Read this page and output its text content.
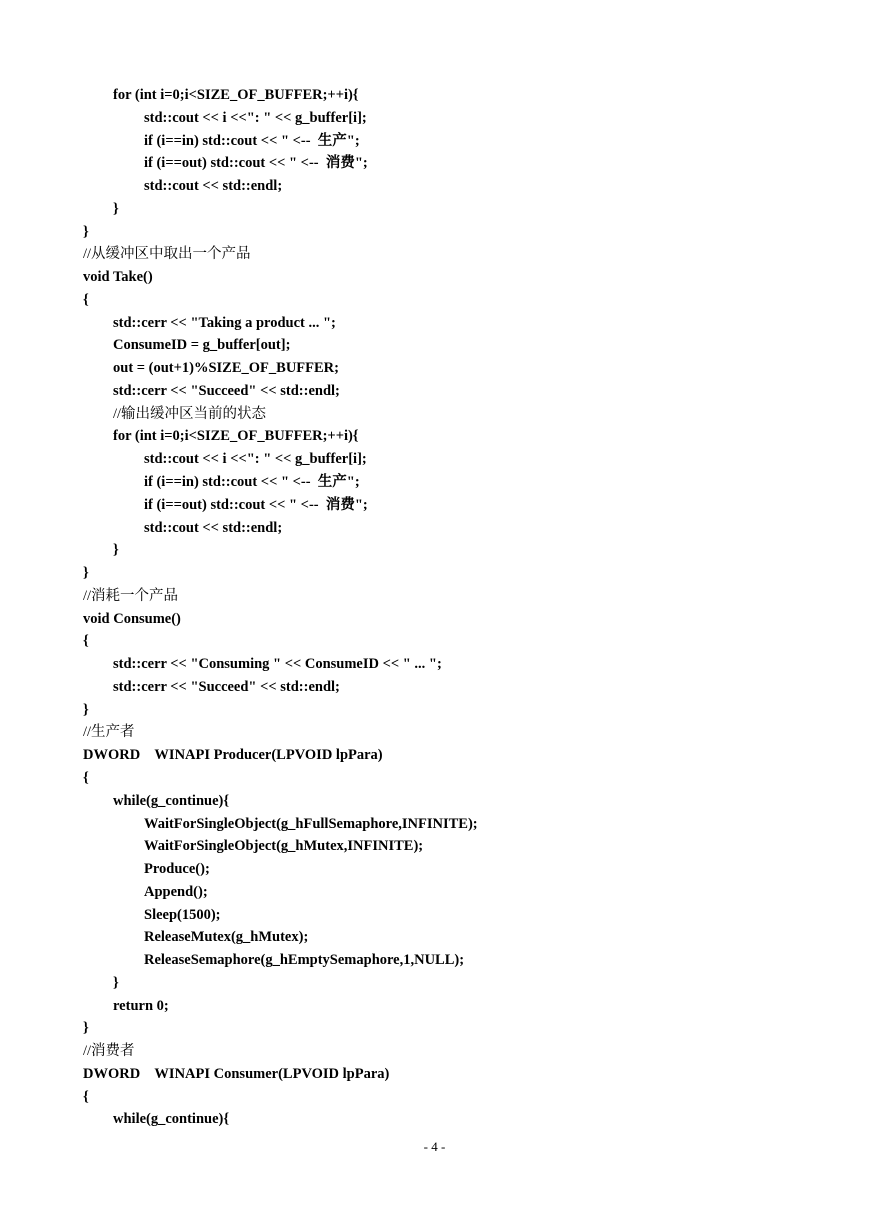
for (int i=0;i<SIZE_OF_BUFFER;++i){
std::cout << i <<": " << g_buffer[i];
if (i==in) std::cout << " <--  生产";
if (i==out) std::cout << " <--  消费";
std::cout << std::endl;
}
}
//从缓冲区中取出一个产品
void Take()
{
std::cerr << "Taking a product ... ";
ConsumeID = g_buffer[out];
out = (out+1)%SIZE_OF_BUFFER;
std::cerr << "Succeed" << std::endl;
//输出缓冲区当前的状态
for (int i=0;i<SIZE_OF_BUFFER;++i){
std::cout << i <<": " << g_buffer[i];
if (i==in) std::cout << " <--  生产";
if (i==out) std::cout << " <--  消费";
std::cout << std::endl;
}
}
//消耗一个产品
void Consume()
{
std::cerr << "Consuming " << ConsumeID << " ... ";
std::cerr << "Succeed" << std::endl;
}
//生产者
DWORD    WINAPI Producer(LPVOID lpPara)
{
while(g_continue){
WaitForSingleObject(g_hFullSemaphore,INFINITE);
WaitForSingleObject(g_hMutex,INFINITE);
Produce();
Append();
Sleep(1500);
ReleaseMutex(g_hMutex);
ReleaseSemaphore(g_hEmptySemaphore,1,NULL);
}
return 0;
}
//消费者
DWORD    WINAPI Consumer(LPVOID lpPara)
{
while(g_continue){
- 4 -
